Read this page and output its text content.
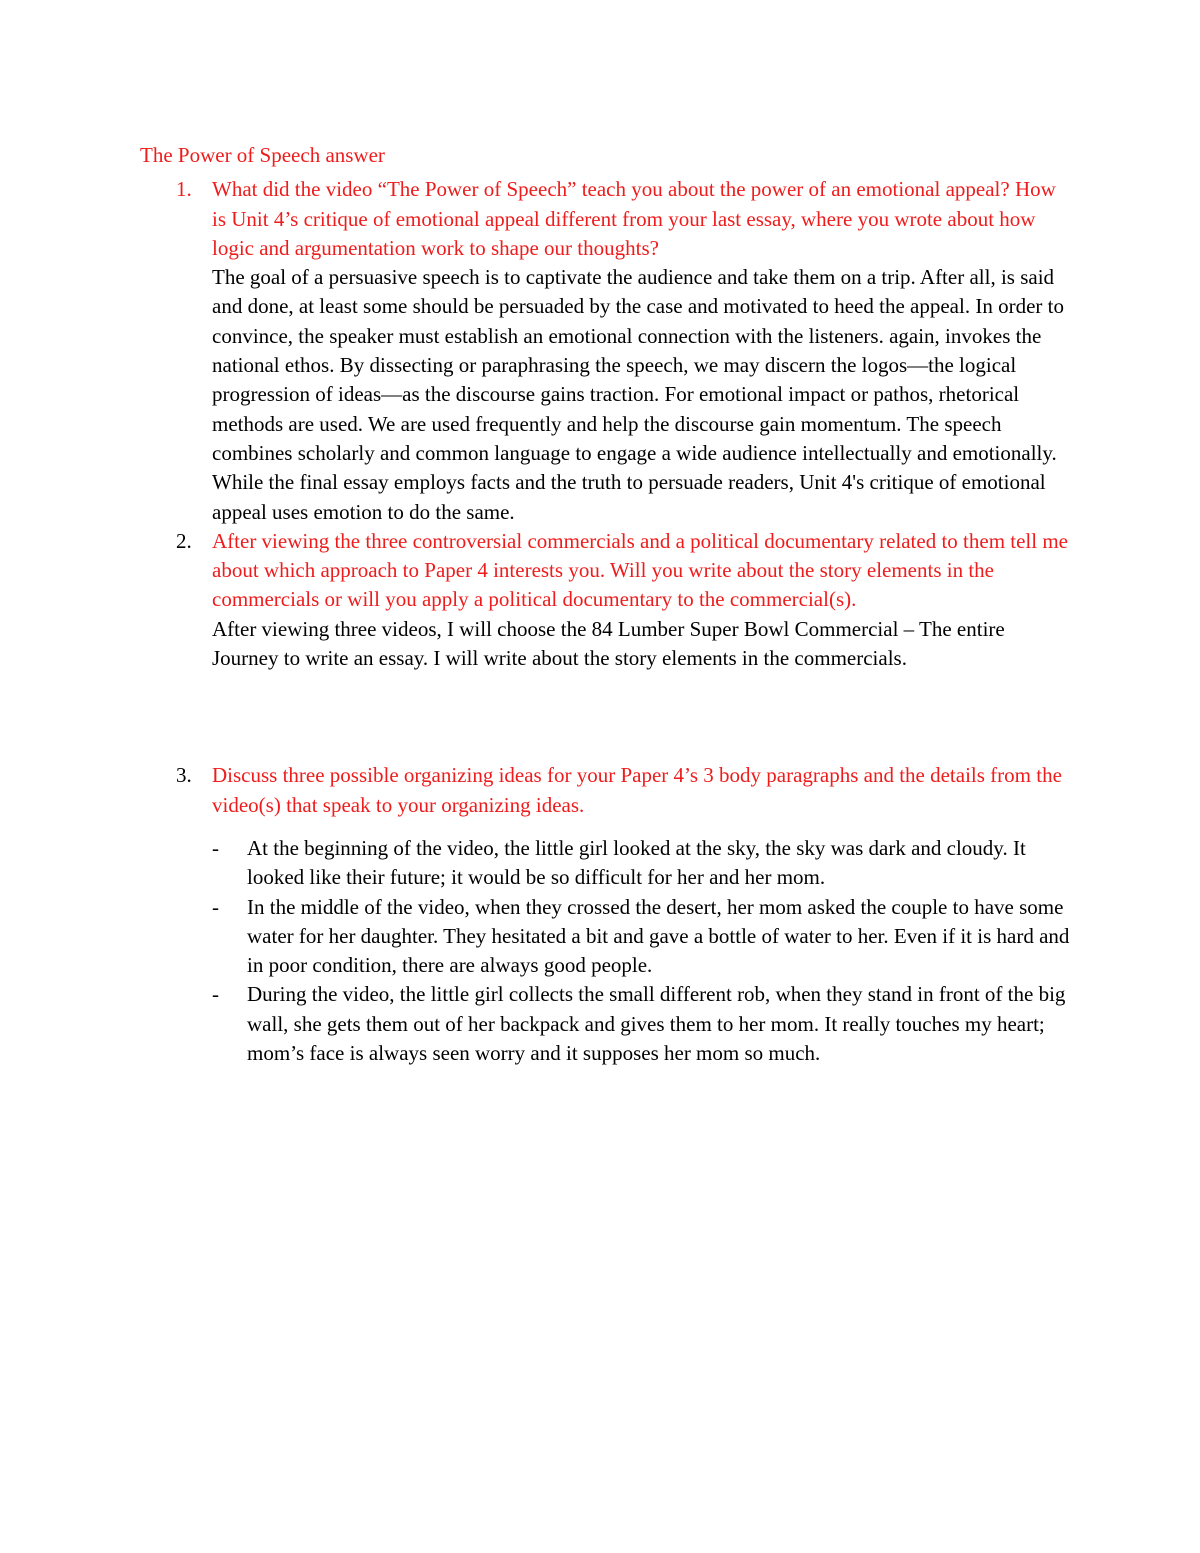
The Power of Speech answer
1. What did the video “The Power of Speech” teach you about the power of an emotional appeal? How is Unit 4’s critique of emotional appeal different from your last essay, where you wrote about how logic and argumentation work to shape our thoughts?
The goal of a persuasive speech is to captivate the audience and take them on a trip. After all, is said and done, at least some should be persuaded by the case and motivated to heed the appeal. In order to convince, the speaker must establish an emotional connection with the listeners. again, invokes the national ethos. By dissecting or paraphrasing the speech, we may discern the logos—the logical progression of ideas—as the discourse gains traction. For emotional impact or pathos, rhetorical methods are used. We are used frequently and help the discourse gain momentum. The speech combines scholarly and common language to engage a wide audience intellectually and emotionally. While the final essay employs facts and the truth to persuade readers, Unit 4's critique of emotional appeal uses emotion to do the same.
2. After viewing the three controversial commercials and a political documentary related to them tell me about which approach to Paper 4 interests you. Will you write about the story elements in the commercials or will you apply a political documentary to the commercial(s).
After viewing three videos, I will choose the 84 Lumber Super Bowl Commercial – The entire Journey to write an essay. I will write about the story elements in the commercials.
3. Discuss three possible organizing ideas for your Paper 4’s 3 body paragraphs and the details from the video(s) that speak to your organizing ideas.
- At the beginning of the video, the little girl looked at the sky, the sky was dark and cloudy. It looked like their future; it would be so difficult for her and her mom.
- In the middle of the video, when they crossed the desert, her mom asked the couple to have some water for her daughter. They hesitated a bit and gave a bottle of water to her. Even if it is hard and in poor condition, there are always good people.
- During the video, the little girl collects the small different rob, when they stand in front of the big wall, she gets them out of her backpack and gives them to her mom. It really touches my heart; mom’s face is always seen worry and it supposes her mom so much.
